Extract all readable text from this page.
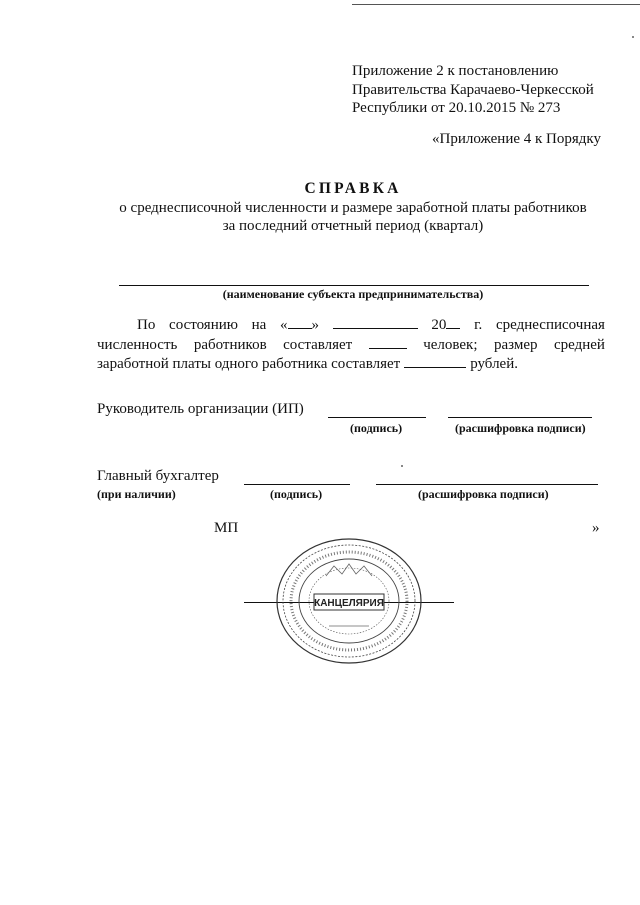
Приложение 2 к постановлению
Правительства Карачаево-Черкесской
Республики от 20.10.2015 № 273
«Приложение 4 к Порядку
СПРАВКА
о среднесписочной численности и размере заработной платы работников
за последний отчетный период (квартал)
(наименование субъекта предпринимательства)
По состоянию на « »	20	г. среднесписочная
численность работников составляет	человек; размер средней
заработной платы одного работника составляет	рублей.
Руководитель организации (ИП)
(подпись)	(расшифровка подписи)
Главный бухгалтер
(при наличии)	(подпись)	(расшифровка подписи)
МП	»
КАНЦЕЛЯРИЯ
